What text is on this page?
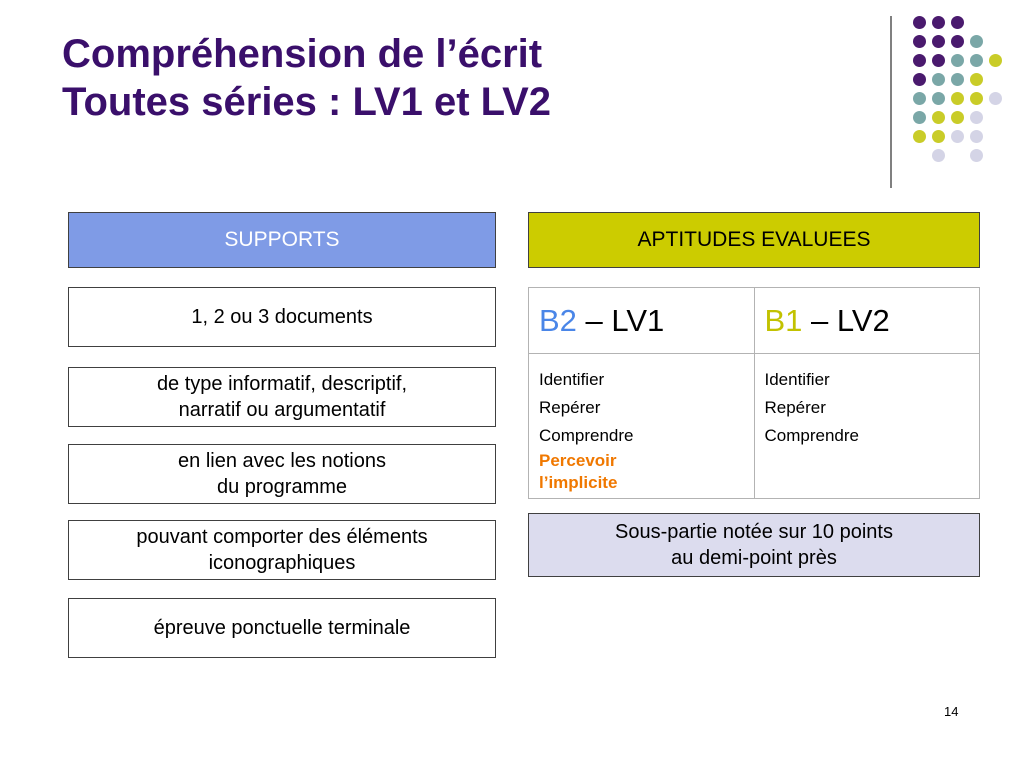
Compréhension de l’écrit
Toutes séries : LV1 et LV2
SUPPORTS
1, 2 ou 3 documents
de type informatif, descriptif,
narratif ou argumentatif
en lien avec les notions
du programme
pouvant comporter des éléments
iconographiques
épreuve ponctuelle terminale
APTITUDES EVALUEES
B2 – LV1
Identifier
Repérer
Comprendre
Percevoir
l’implicite
B1 – LV2
Identifier
Repérer
Comprendre
Sous-partie notée sur 10 points
au demi-point près
14
